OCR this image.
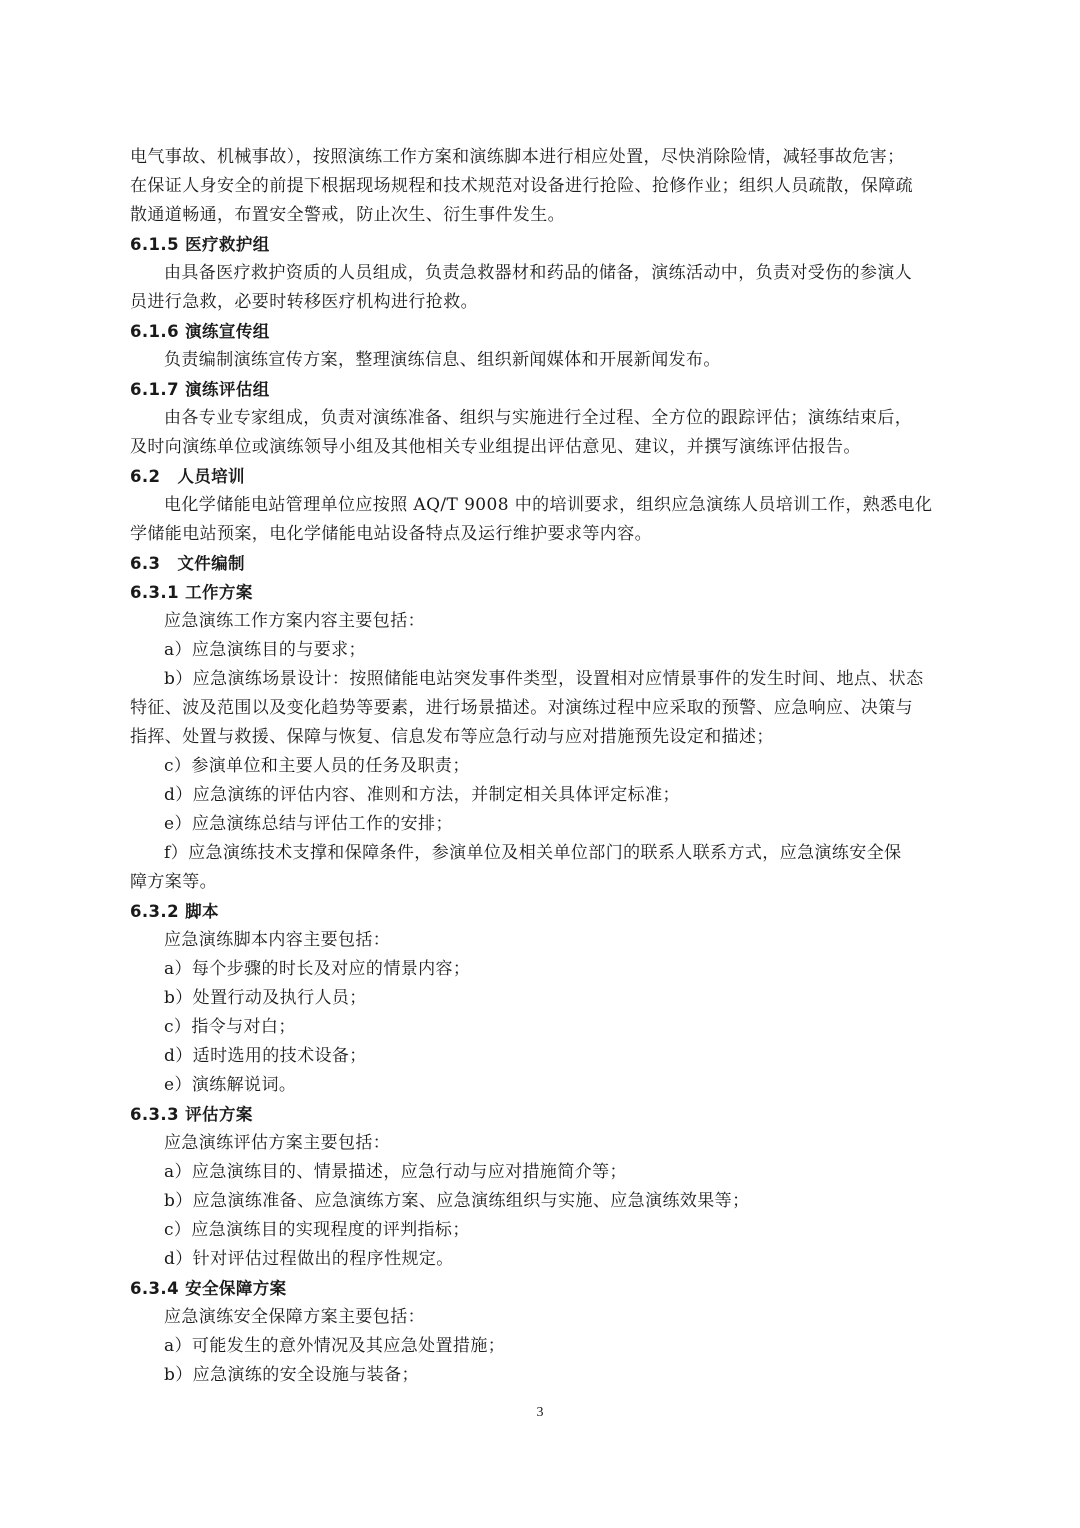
电气事故、机械事故），按照演练工作方案和演练脚本进行相应处置，尽快消除险情，减轻事故危害；
在保证人身安全的前提下根据现场规程和技术规范对设备进行抢险、抢修作业；组织人员疏散，保障疏
散通道畅通，布置安全警戒，防止次生、衍生事件发生。
6.1.5 医疗救护组
由具备医疗救护资质的人员组成，负责急救器材和药品的储备，演练活动中，负责对受伤的参演人
员进行急救，必要时转移医疗机构进行抢救。
6.1.6 演练宣传组
负责编制演练宣传方案，整理演练信息、组织新闻媒体和开展新闻发布。
6.1.7 演练评估组
由各专业专家组成，负责对演练准备、组织与实施进行全过程、全方位的跟踪评估；演练结束后，
及时向演练单位或演练领导小组及其他相关专业组提出评估意见、建议，并撰写演练评估报告。
6.2　人员培训
电化学储能电站管理单位应按照 AQ/T 9008 中的培训要求，组织应急演练人员培训工作，熟悉电化
学储能电站预案，电化学储能电站设备特点及运行维护要求等内容。
6.3　文件编制
6.3.1 工作方案
应急演练工作方案内容主要包括：
a）应急演练目的与要求；
b）应急演练场景设计：按照储能电站突发事件类型，设置相对应情景事件的发生时间、地点、状态
特征、波及范围以及变化趋势等要素，进行场景描述。对演练过程中应采取的预警、应急响应、决策与
指挥、处置与救援、保障与恢复、信息发布等应急行动与应对措施预先设定和描述；
c）参演单位和主要人员的任务及职责；
d）应急演练的评估内容、准则和方法，并制定相关具体评定标准；
e）应急演练总结与评估工作的安排；
f）应急演练技术支撑和保障条件，参演单位及相关单位部门的联系人联系方式，应急演练安全保
障方案等。
6.3.2 脚本
应急演练脚本内容主要包括：
a）每个步骤的时长及对应的情景内容；
b）处置行动及执行人员；
c）指令与对白；
d）适时选用的技术设备；
e）演练解说词。
6.3.3 评估方案
应急演练评估方案主要包括：
a）应急演练目的、情景描述，应急行动与应对措施简介等；
b）应急演练准备、应急演练方案、应急演练组织与实施、应急演练效果等；
c）应急演练目的实现程度的评判指标；
d）针对评估过程做出的程序性规定。
6.3.4 安全保障方案
应急演练安全保障方案主要包括：
a）可能发生的意外情况及其应急处置措施；
b）应急演练的安全设施与装备；
3
